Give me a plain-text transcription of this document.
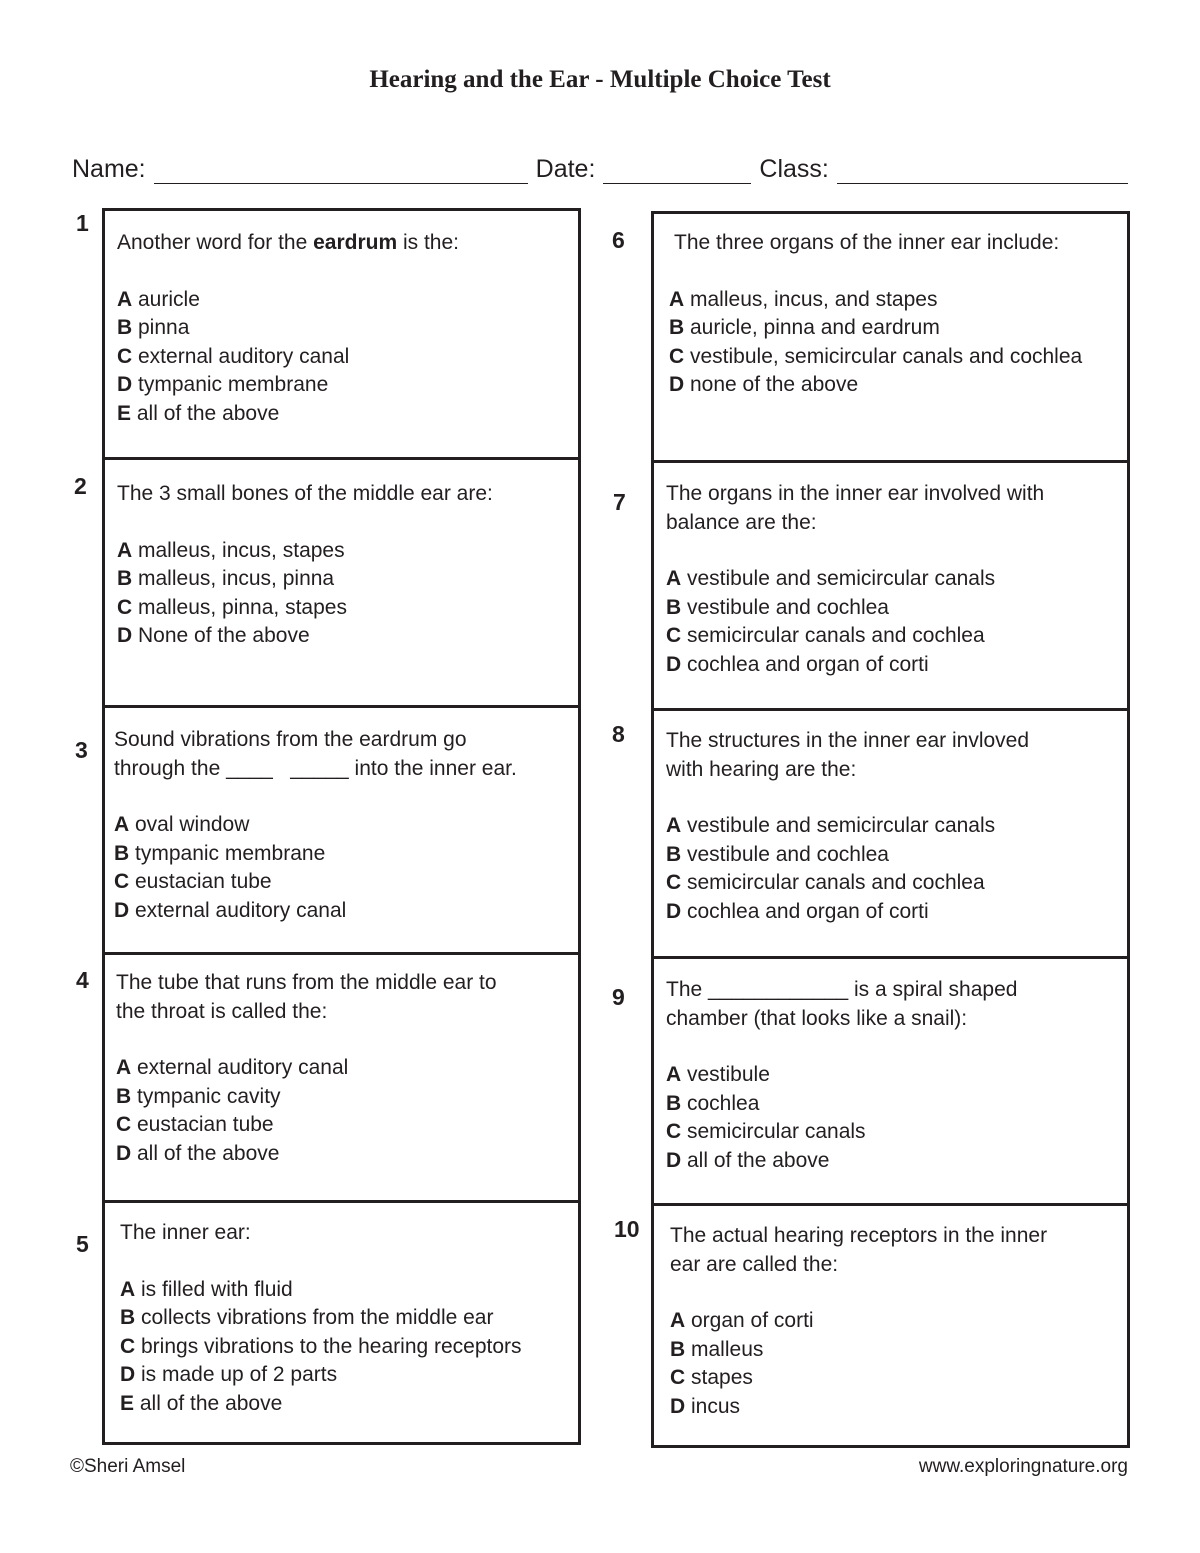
Hearing and the Ear - Multiple Choice Test
Name:	Date:	Class:

Another word for the eardrum is the:

A auricle

B pinna

C external auditory canal

D tympanic membrane

E all of the above

The 3 small bones of the middle ear are:

A malleus, incus, stapes

B malleus, incus, pinna

C malleus, pinna, stapes

D None of the above

Sound vibrations from the eardrum go
through the ____   _____ into the inner ear.

A oval window

B tympanic membrane

C eustacian tube

D external auditory canal

The tube that runs from the middle ear to
the throat is called the:

A external auditory canal

B tympanic cavity

C eustacian tube

D all of the above

The inner ear:

A is filled with fluid

B collects vibrations from the middle ear

C brings vibrations to the hearing receptors

D is made up of 2 parts

E all of the above

The three organs of the inner ear include:

A malleus, incus, and stapes

B auricle, pinna and eardrum

C vestibule, semicircular canals and cochlea

D none of the above

The organs in the inner ear involved with
balance are the:

A vestibule and semicircular canals

B vestibule and cochlea

C semicircular canals and cochlea

D cochlea and organ of corti

The structures in the inner ear invloved
with hearing are the:

A vestibule and semicircular canals

B vestibule and cochlea

C semicircular canals and cochlea

D cochlea and organ of corti

The ____________ is a spiral shaped
chamber (that looks like a snail):

A vestibule

B cochlea

C semicircular canals

D all of the above

The actual hearing receptors in the inner
ear are called the:

A organ of corti

B malleus

C stapes

D incus

1
2
3
4
5
6
7
8
9
10
©Sheri Amsel	www.exploringnature.org
